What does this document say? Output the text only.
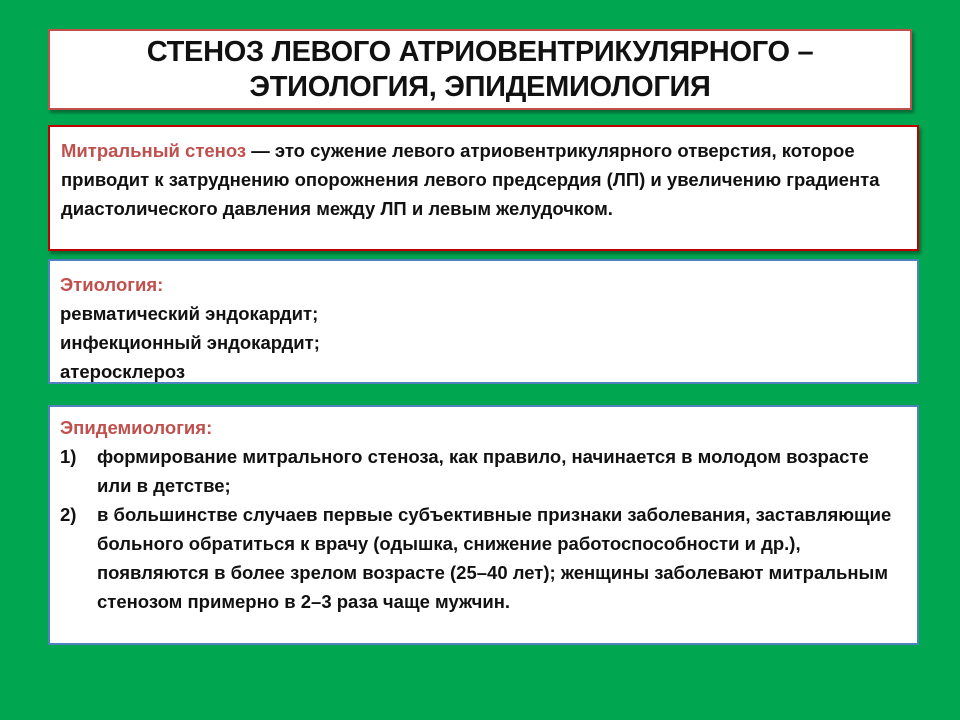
СТЕНОЗ ЛЕВОГО АТРИОВЕНТРИКУЛЯРНОГО –
ЭТИОЛОГИЯ, ЭПИДЕМИОЛОГИЯ
Митральный стеноз — это сужение левого атриовентрикулярного отверстия, которое приводит к затруднению опорожнения левого предсердия (ЛП) и увеличению градиента диастолического давления между ЛП и левым желудочком.
Этиология:
ревматический эндокардит;
инфекционный эндокардит;
атеросклероз
Эпидемиология:
1)	формирование митрального стеноза, как правило, начинается в молодом возрасте или в детстве;
2)	в большинстве случаев первые субъективные признаки заболевания, заставляющие больного обратиться к врачу (одышка, снижение работоспособности и др.), появляются в более зрелом возрасте (25–40 лет); женщины заболевают митральным стенозом примерно в 2–3 раза чаще мужчин.
